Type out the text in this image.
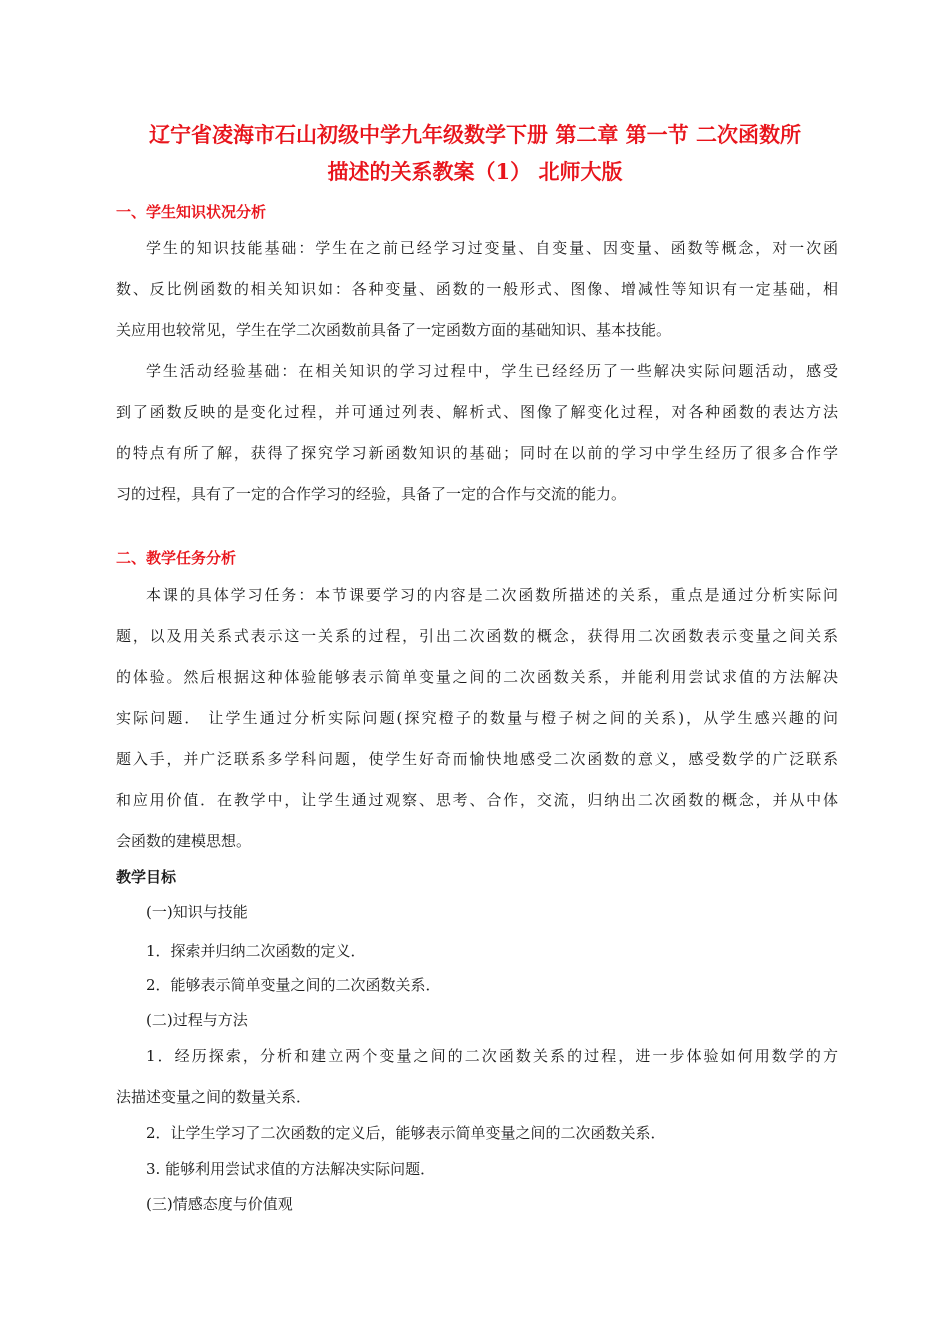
辽宁省凌海市石山初级中学九年级数学下册 第二章 第一节 二次函数所
描述的关系教案（1） 北师大版
一、学生知识状况分析
学生的知识技能基础：学生在之前已经学习过变量、自变量、因变量、函数等概念，对一次函
数、反比例函数的相关知识如：各种变量、函数的一般形式、图像、增减性等知识有一定基础，相
关应用也较常见，学生在学二次函数前具备了一定函数方面的基础知识、基本技能。
学生活动经验基础：在相关知识的学习过程中，学生已经经历了一些解决实际问题活动，感受
到了函数反映的是变化过程，并可通过列表、解析式、图像了解变化过程，对各种函数的表达方法
的特点有所了解，获得了探究学习新函数知识的基础；同时在以前的学习中学生经历了很多合作学
习的过程，具有了一定的合作学习的经验，具备了一定的合作与交流的能力。
二、教学任务分析
本课的具体学习任务：本节课要学习的内容是二次函数所描述的关系，重点是通过分析实际问
题，以及用关系式表示这一关系的过程，引出二次函数的概念，获得用二次函数表示变量之间关系
的体验。然后根据这种体验能够表示简单变量之间的二次函数关系，并能利用尝试求值的方法解决
实际问题． 让学生通过分析实际问题(探究橙子的数量与橙子树之间的关系)，从学生感兴趣的问
题入手，并广泛联系多学科问题，使学生好奇而愉快地感受二次函数的意义，感受数学的广泛联系
和应用价值．在教学中，让学生通过观察、思考、合作，交流，归纳出二次函数的概念，并从中体
会函数的建模思想。
教学目标
(一)知识与技能
1．探索并归纳二次函数的定义．
2．能够表示简单变量之间的二次函数关系．
(二)过程与方法
1．经历探索，分析和建立两个变量之间的二次函数关系的过程，进一步体验如何用数学的方
法描述变量之间的数量关系．
2．让学生学习了二次函数的定义后，能够表示简单变量之间的二次函数关系．
3. 能够利用尝试求值的方法解决实际问题．
(三)情感态度与价值观
